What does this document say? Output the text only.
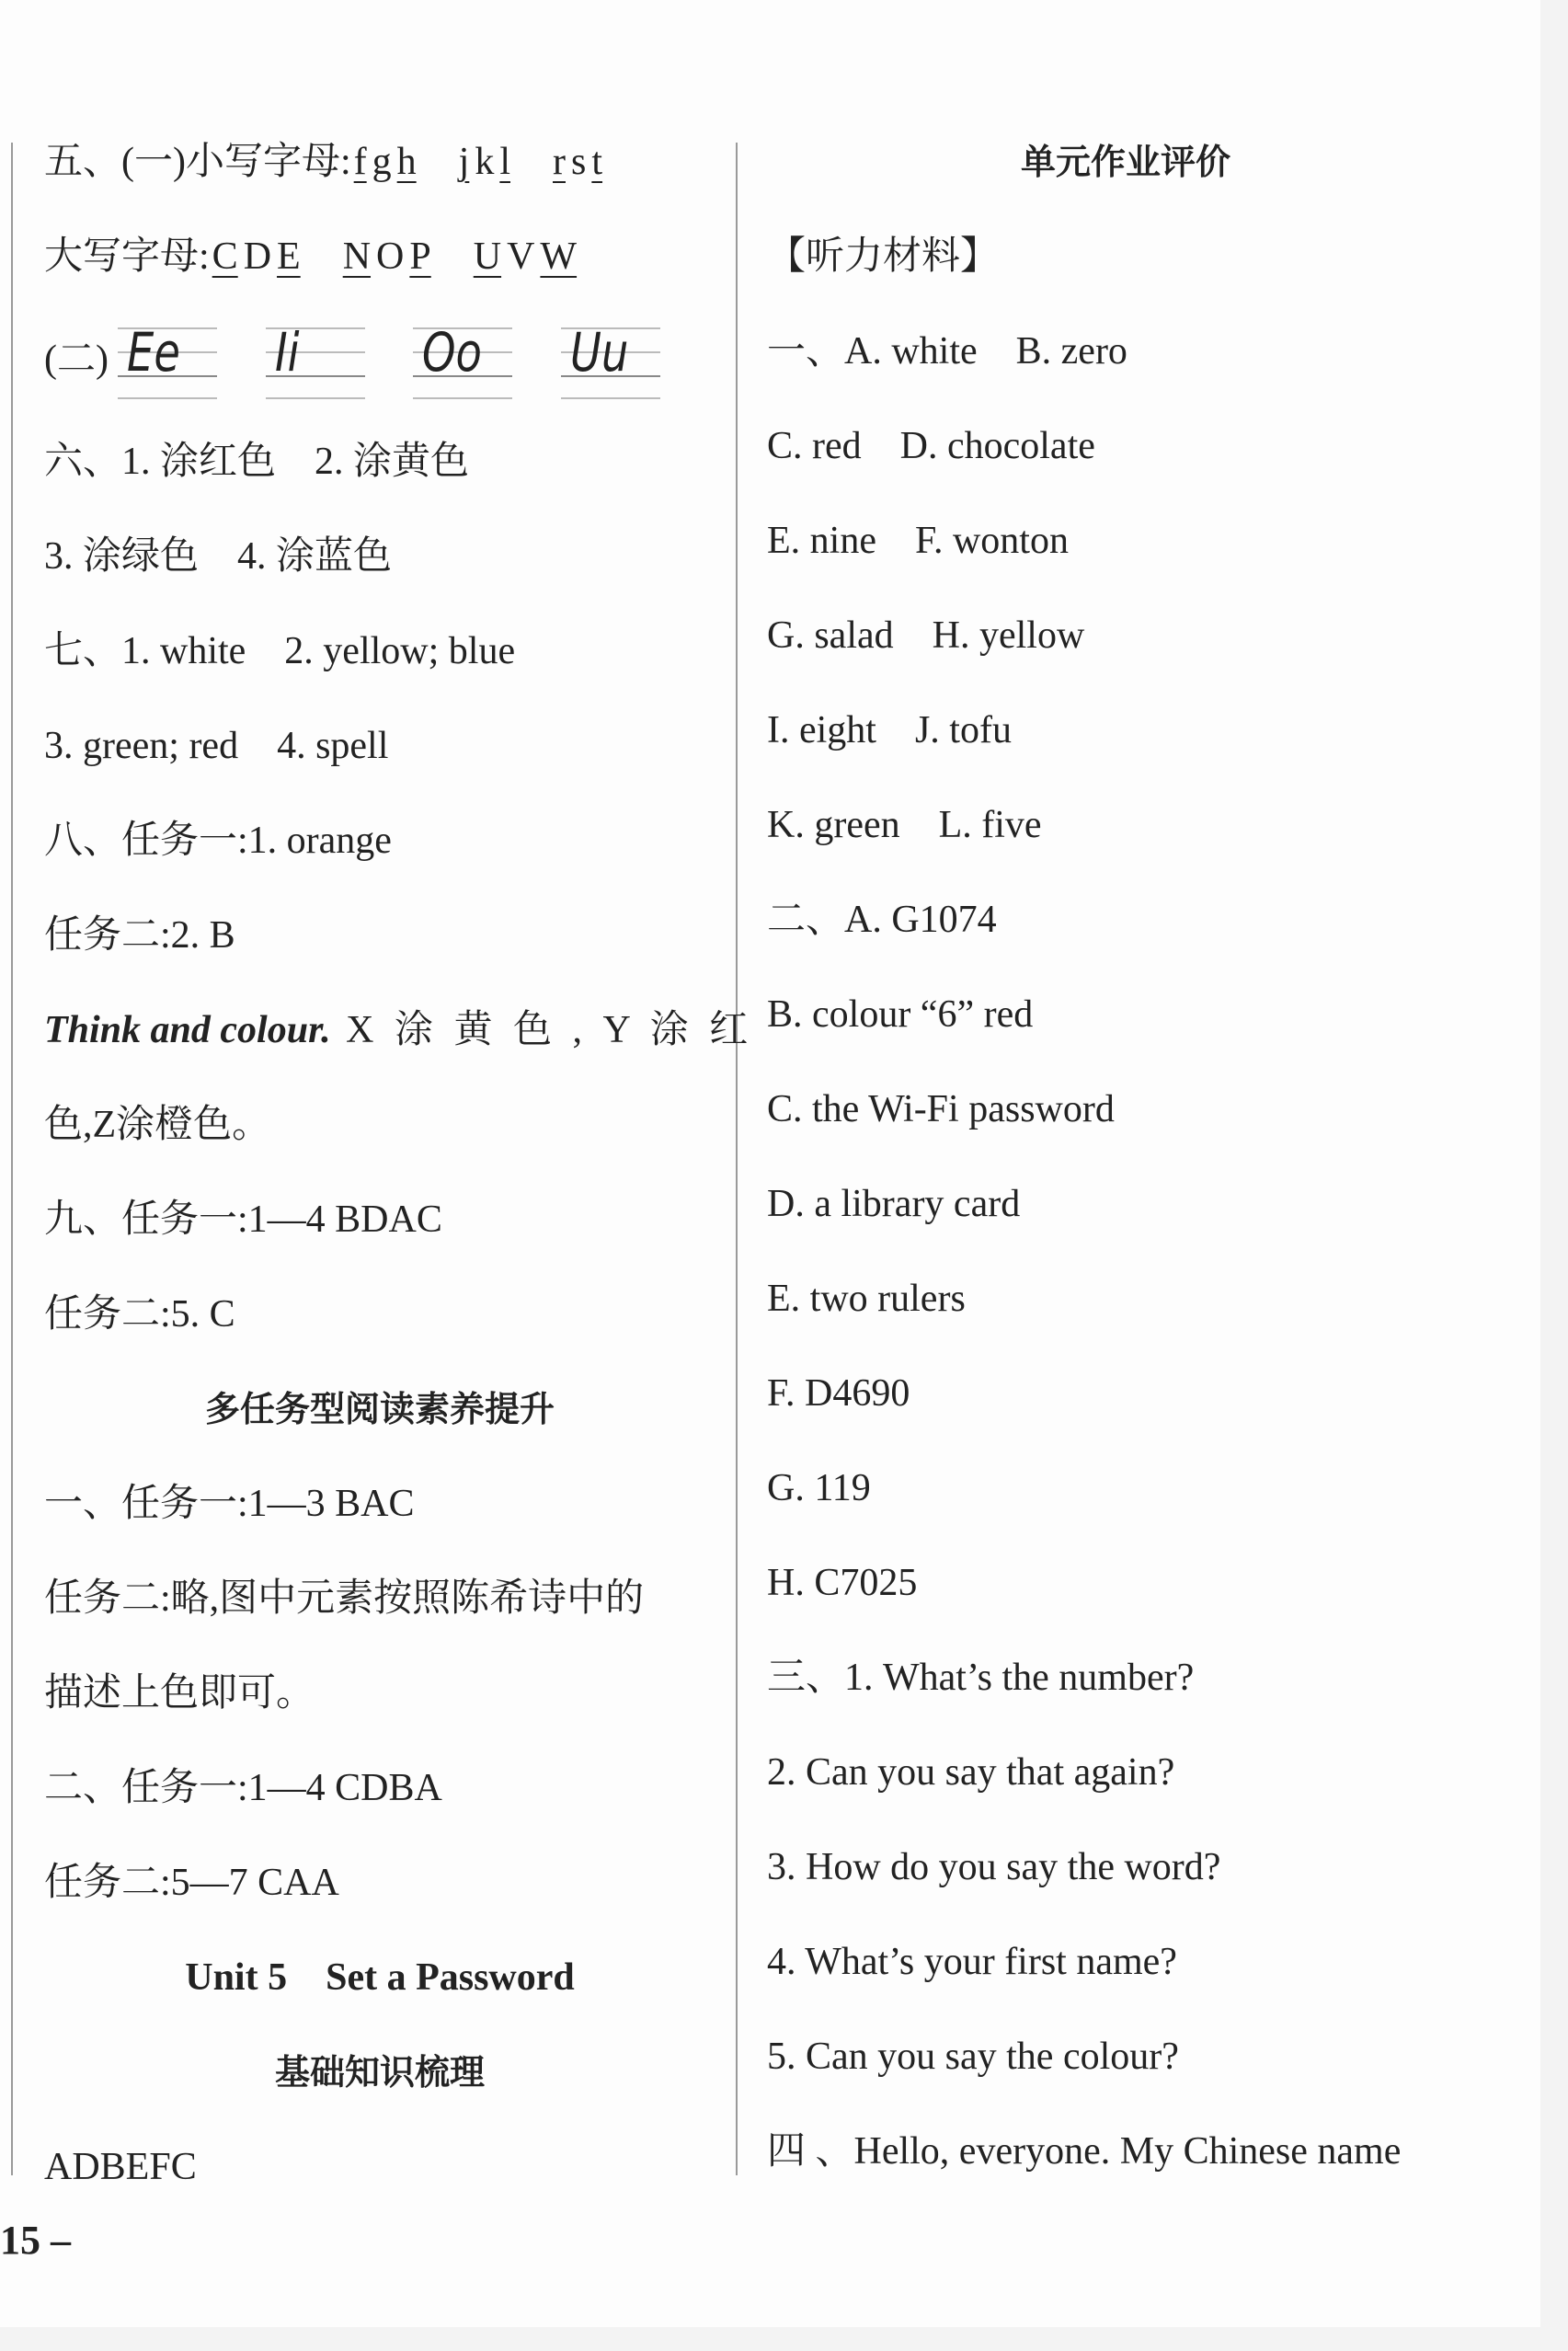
五、(一)小写字母:f g h j k l r s t
大写字母:C D E N O P U V W
(二) Ee
Ii
Oo
Uu
六、1. 涂红色　2. 涂黄色
3. 涂绿色　4. 涂蓝色
七、1. white　2. yellow; blue
3. green; red　4. spell
八、任务一:1. orange
任务二:2. B
Think and colour. X 涂 黄 色 , Y 涂 红
色,Z涂橙色。
九、任务一:1—4 BDAC
任务二:5. C
多任务型阅读素养提升
一、任务一:1—3 BAC
任务二:略,图中元素按照陈希诗中的
描述上色即可。
二、任务一:1—4 CDBA
任务二:5—7 CAA
Unit 5　Set a Password
基础知识梳理
ADBEFC
单元作业评价
【听力材料】
一、A. white　B. zero
C. red　D. chocolate
E. nine　F. wonton
G. salad　H. yellow
I. eight　J. tofu
K. green　L. five
二、A. G1074
B. colour “6” red
C. the Wi-Fi password
D. a library card
E. two rulers
F. D4690
G. 119
H. C7025
三、1. What’s the number?
2. Can you say that again?
3. How do you say the word?
4. What’s your first name?
5. Can you say the colour?
四 、Hello, everyone. My Chinese name
15 –
